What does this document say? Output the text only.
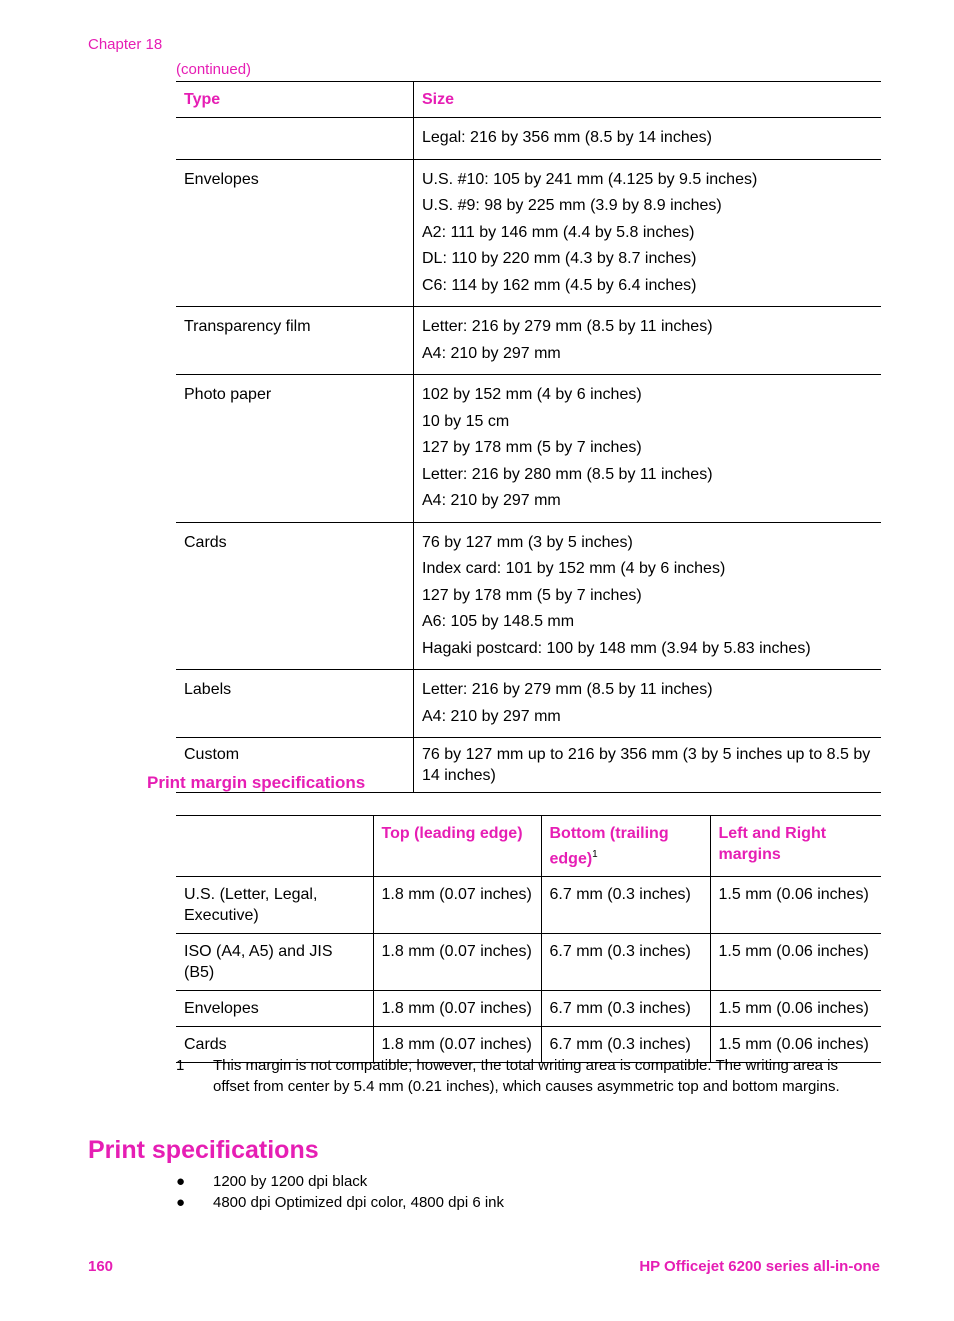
Chapter 18
(continued)
Type	Size

	Legal: 216 by 356 mm (8.5 by 14 inches)

Envelopes	U.S. #10: 105 by 241 mm (4.125 by 9.5 inches)
U.S. #9: 98 by 225 mm (3.9 by 8.9 inches)
A2: 111 by 146 mm (4.4 by 5.8 inches)
DL: 110 by 220 mm (4.3 by 8.7 inches)
C6: 114 by 162 mm (4.5 by 6.4 inches)

Transparency film	Letter: 216 by 279 mm (8.5 by 11 inches)
A4: 210 by 297 mm

Photo paper	102 by 152 mm (4 by 6 inches)
10 by 15 cm
127 by 178 mm (5 by 7 inches)
Letter: 216 by 280 mm (8.5 by 11 inches)
A4: 210 by 297 mm

Cards	76 by 127 mm (3 by 5 inches)
Index card: 101 by 152 mm (4 by 6 inches)
127 by 178 mm (5 by 7 inches)
A6: 105 by 148.5 mm
Hagaki postcard: 100 by 148 mm (3.94 by 5.83 inches)

Labels	Letter: 216 by 279 mm (8.5 by 11 inches)
A4: 210 by 297 mm

Custom	76 by 127 mm up to 216 by 356 mm (3 by 5 inches up to 8.5 by 14 inches)
Print margin specifications
	Top (leading edge)	Bottom (trailing edge)$^1$	Left and Right margins
U.S. (Letter, Legal, Executive)	1.8 mm (0.07 inches)	6.7 mm (0.3 inches)	1.5 mm (0.06 inches)
ISO (A4, A5) and JIS (B5)	1.8 mm (0.07 inches)	6.7 mm (0.3 inches)	1.5 mm (0.06 inches)
Envelopes	1.8 mm (0.07 inches)	6.7 mm (0.3 inches)	1.5 mm (0.06 inches)
Cards	1.8 mm (0.07 inches)	6.7 mm (0.3 inches)	1.5 mm (0.06 inches)
1 This margin is not compatible; however, the total writing area is compatible. The writing area is offset from center by 5.4 mm (0.21 inches), which causes asymmetric top and bottom margins.
Print specifications
● 1200 by 1200 dpi black
● 4800 dpi Optimized dpi color, 4800 dpi 6 ink
160	HP Officejet 6200 series all-in-one
